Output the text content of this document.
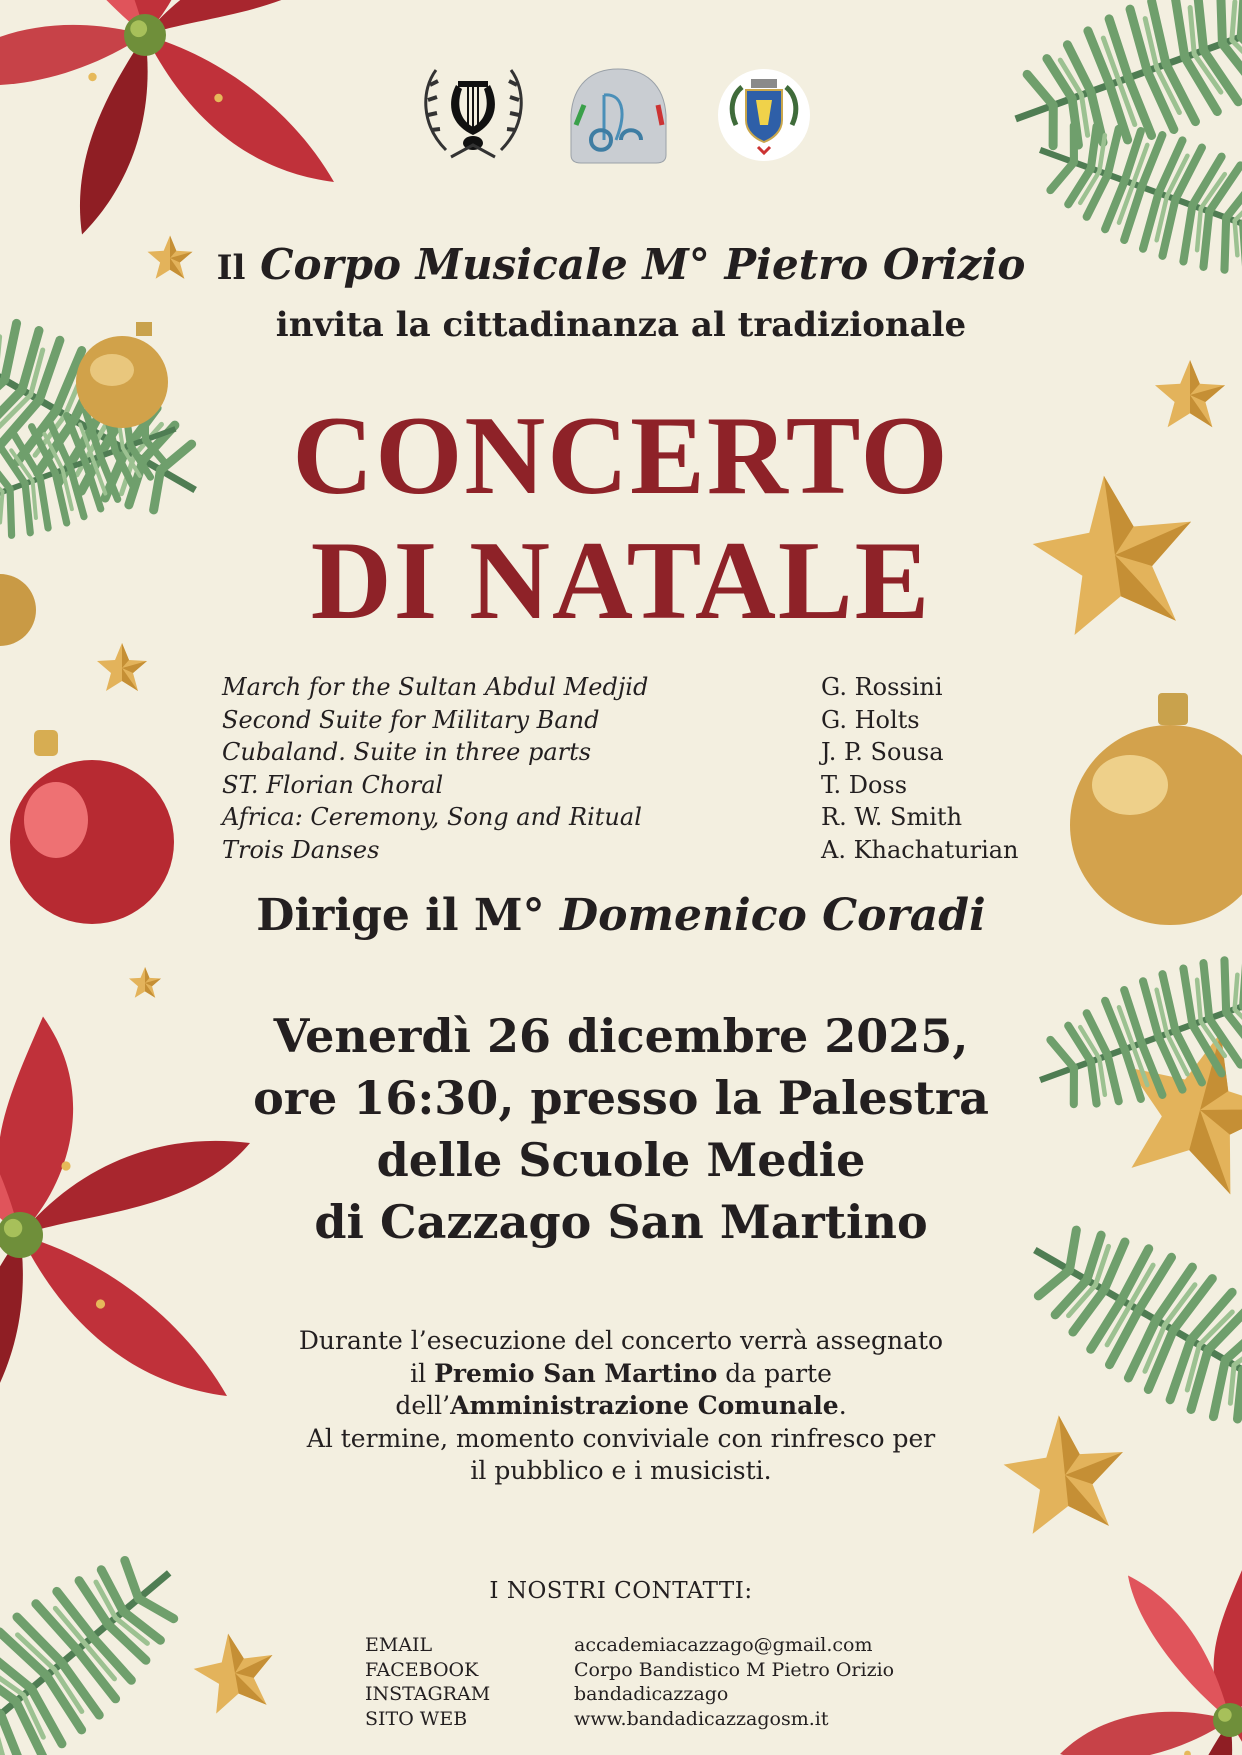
Il Corpo Musicale M° Pietro Orizio
invita la cittadinanza al tradizionale
CONCERTO
DI NATALE
March for the Sultan Abdul Medjid
Second Suite for Military Band
Cubaland. Suite in three parts
ST. Florian Choral
Africa: Ceremony, Song and Ritual
Trois Danses
G. Rossini
G. Holts
J. P. Sousa
T. Doss
R. W. Smith
A. Khachaturian
Dirige il M° Domenico Coradi
Venerdì 26 dicembre 2025,
ore 16:30, presso la Palestra
delle Scuole Medie
di Cazzago San Martino
Durante l’esecuzione del concerto verrà assegnato
il Premio San Martino da parte
dell’Amministrazione Comunale.
Al termine, momento conviviale con rinfresco per
il pubblico e i musicisti.
I NOSTRI CONTATTI:
EMAIL
FACEBOOK
INSTAGRAM
SITO WEB
accademiacazzago@gmail.com
Corpo Bandistico M Pietro Orizio
bandadicazzago
www.bandadicazzagosm.it
